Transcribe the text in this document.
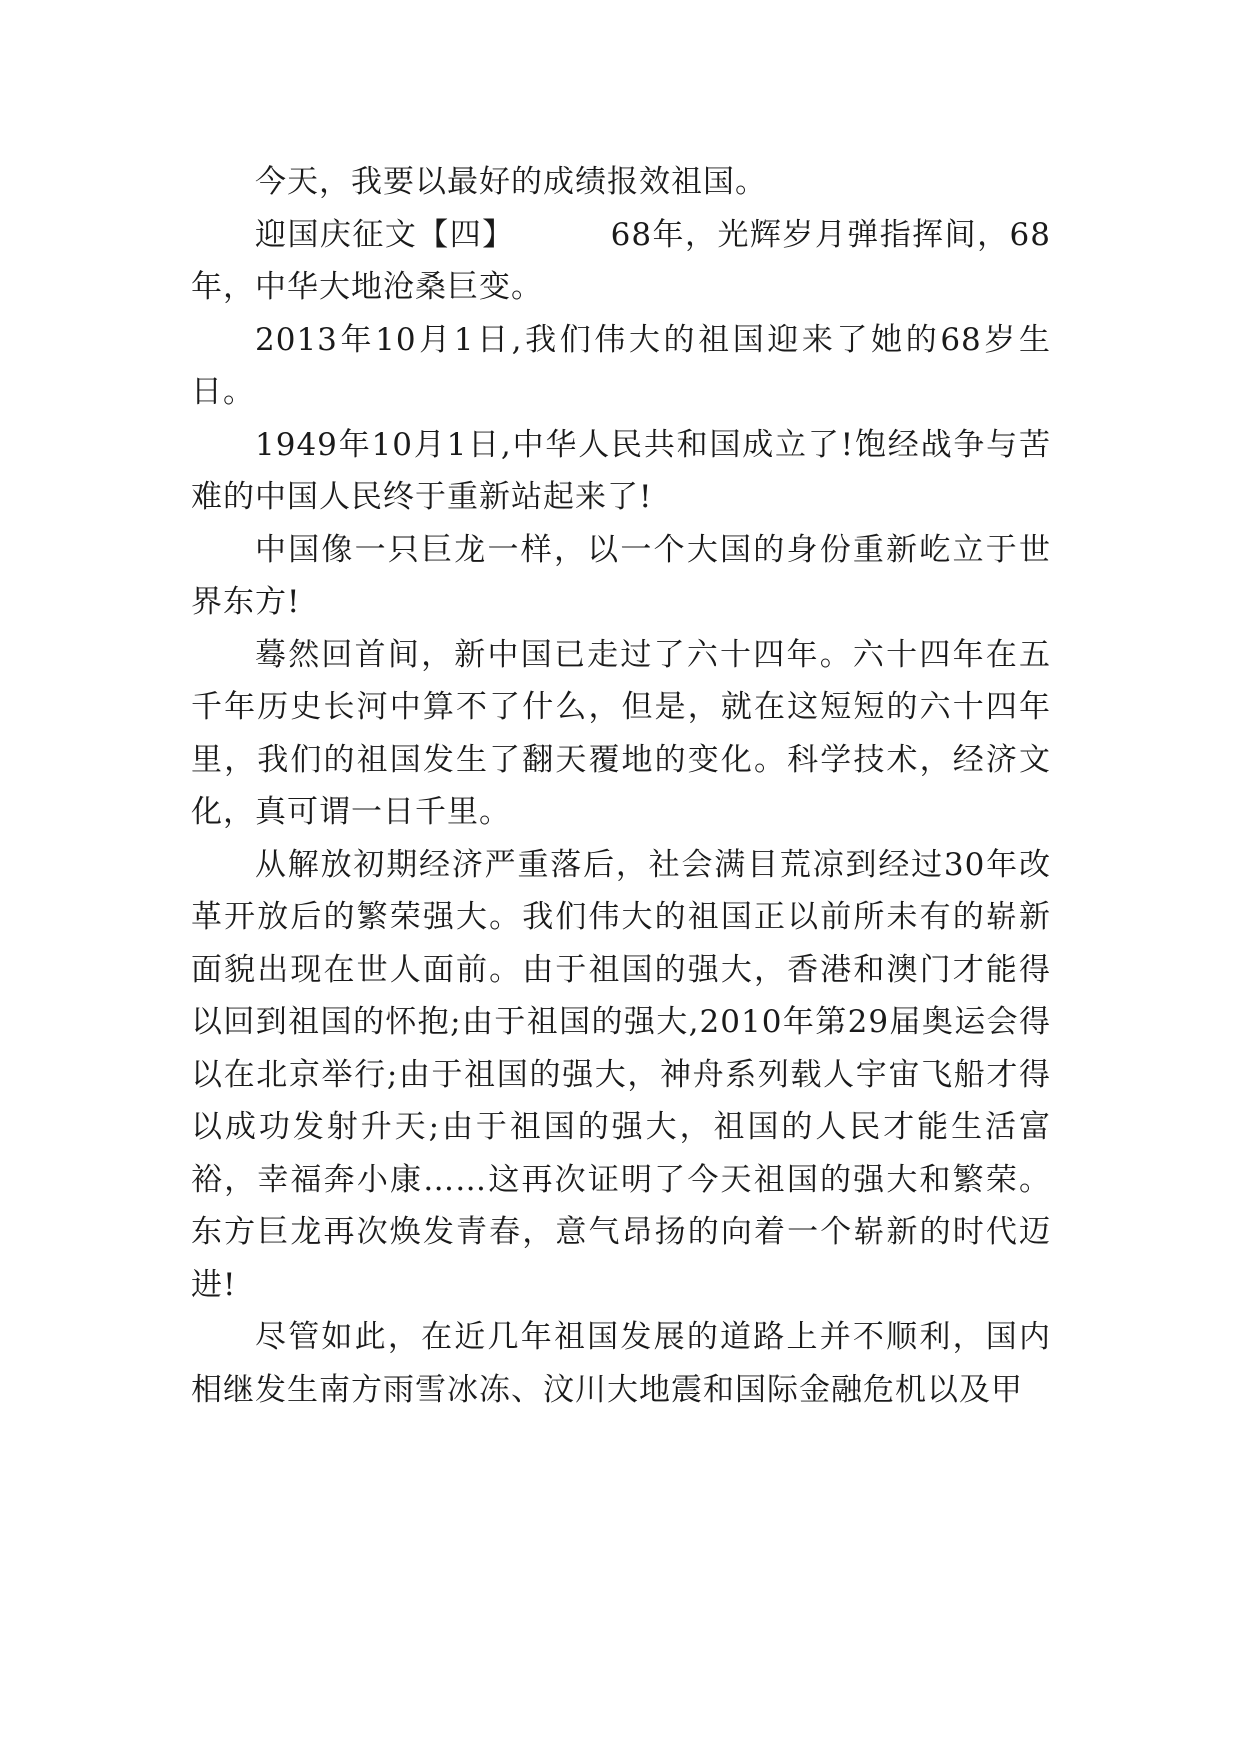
今天，我要以最好的成绩报效祖国。

迎国庆征文【四】	68年，光辉岁月弹指挥间，68年，中华大地沧桑巨变。

2013年10月1日,我们伟大的祖国迎来了她的68岁生日。

1949年10月1日,中华人民共和国成立了!饱经战争与苦难的中国人民终于重新站起来了!

中国像一只巨龙一样，以一个大国的身份重新屹立于世界东方!

蓦然回首间，新中国已走过了六十四年。六十四年在五千年历史长河中算不了什么，但是，就在这短短的六十四年里，我们的祖国发生了翻天覆地的变化。科学技术，经济文化，真可谓一日千里。

从解放初期经济严重落后，社会满目荒凉到经过30年改革开放后的繁荣强大。我们伟大的祖国正以前所未有的崭新面貌出现在世人面前。由于祖国的强大，香港和澳门才能得以回到祖国的怀抱;由于祖国的强大,2010年第29届奥运会得以在北京举行;由于祖国的强大，神舟系列载人宇宙飞船才得以成功发射升天;由于祖国的强大，祖国的人民才能生活富裕，幸福奔小康……这再次证明了今天祖国的强大和繁荣。东方巨龙再次焕发青春，意气昂扬的向着一个崭新的时代迈进!

尽管如此，在近几年祖国发展的道路上并不顺利，国内相继发生南方雨雪冰冻、汶川大地震和国际金融危机以及甲
